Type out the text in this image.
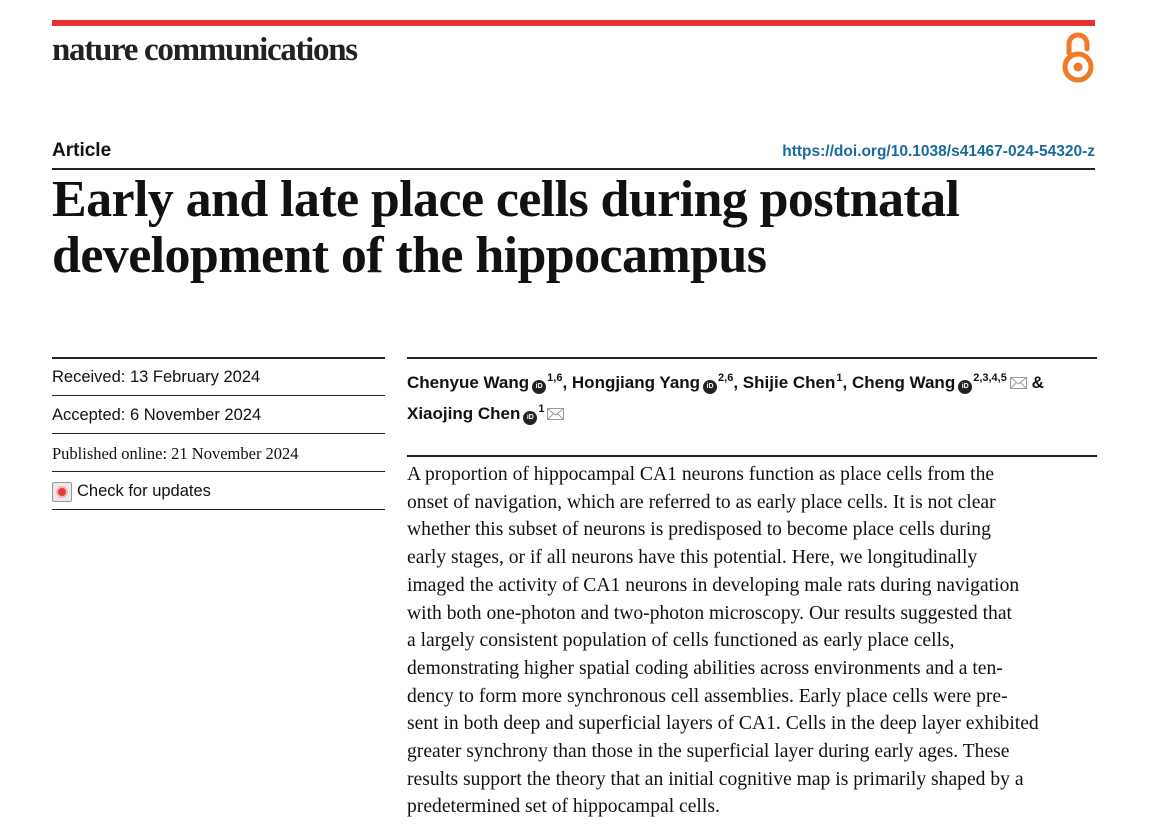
nature communications
Article	https://doi.org/10.1038/s41467-024-54320-z
Early and late place cells during postnatal development of the hippocampus
Received: 13 February 2024
Accepted: 6 November 2024
Published online: 21 November 2024
Check for updates
Chenyue Wang iD$^{1,6}$, Hongjiang Yang iD$^{2,6}$, Shijie Chen$^1$, Cheng Wang iD$^{2,3,4,5}$
& Xiaojing Chen iD$^1$
A proportion of hippocampal CA1 neurons function as place cells from the
onset of navigation, which are referred to as early place cells. It is not clear
whether this subset of neurons is predisposed to become place cells during
early stages, or if all neurons have this potential. Here, we longitudinally
imaged the activity of CA1 neurons in developing male rats during navigation
with both one-photon and two-photon microscopy. Our results suggested that
a largely consistent population of cells functioned as early place cells,
demonstrating higher spatial coding abilities across environments and a ten-
dency to form more synchronous cell assemblies. Early place cells were pre-
sent in both deep and superficial layers of CA1. Cells in the deep layer exhibited
greater synchrony than those in the superficial layer during early ages. These
results support the theory that an initial cognitive map is primarily shaped by a
predetermined set of hippocampal cells.
